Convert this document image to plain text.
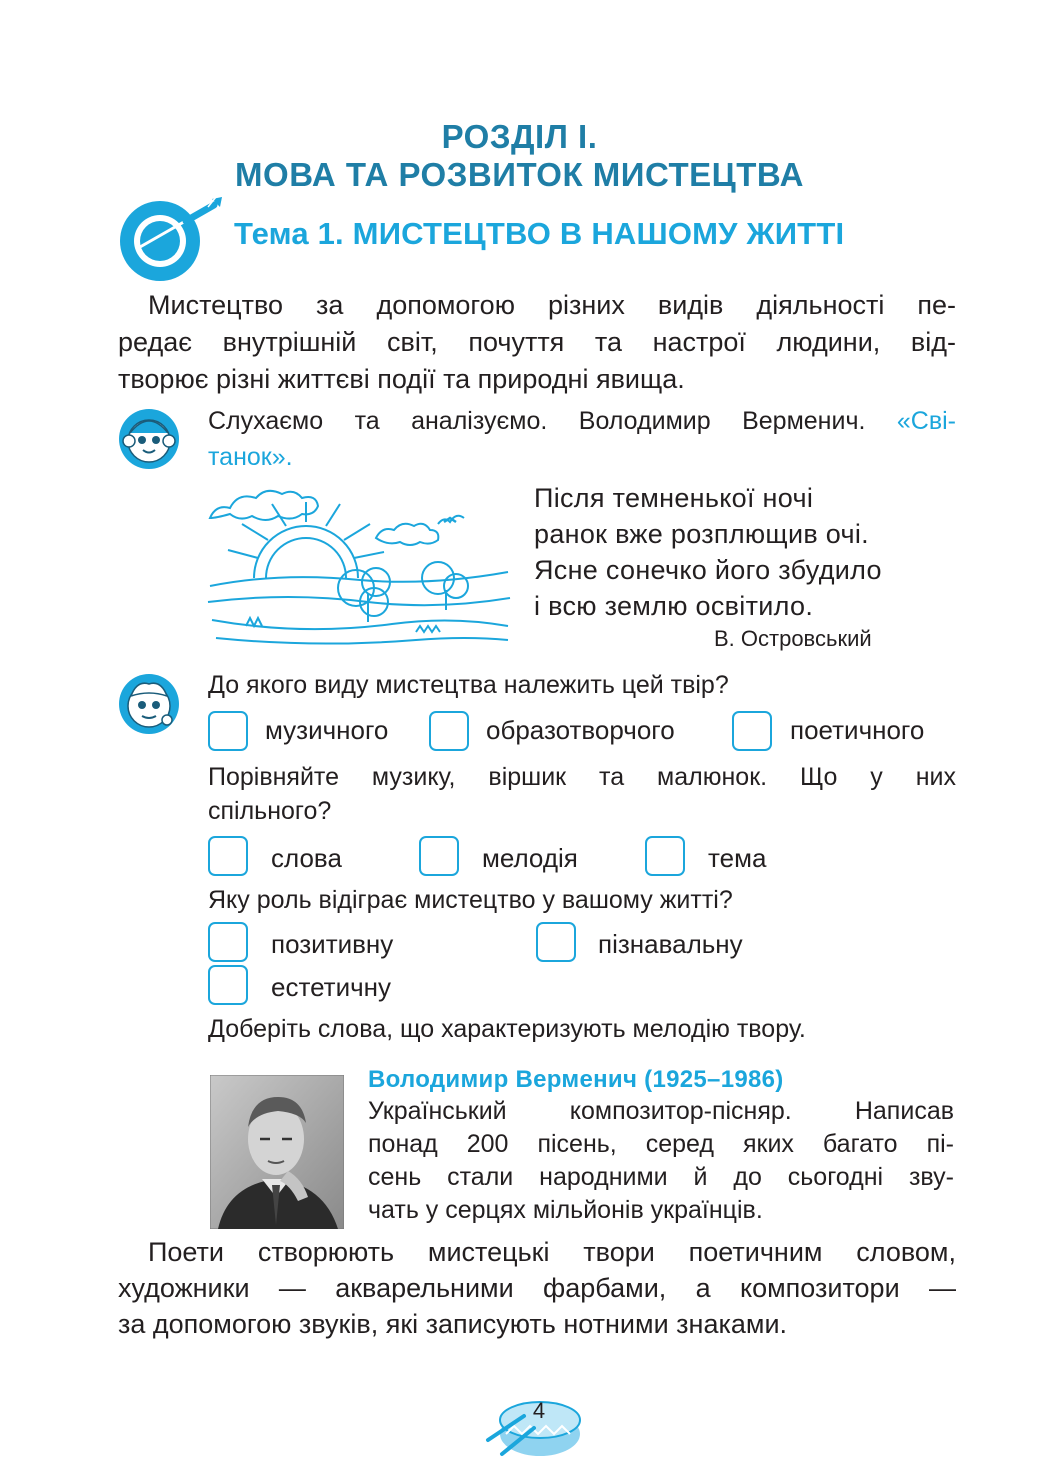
РОЗДІЛ І.
МОВА ТА РОЗВИТОК МИСТЕЦТВА
Тема 1. МИСТЕЦТВО В НАШОМУ ЖИТТІ
Мистецтво за допомогою різних видів діяльності пе-
редає внутрішній світ, почуття та настрої людини, від-
творює різні життєві події та природні явища.
Слухаємо та аналізуємо. Володимир Верменич. «Сві-
танок».
Після темненької ночі
ранок вже розплющив очі.
Ясне сонечко його збудило
і всю землю освітило.
В. Островський
До якого виду мистецтва належить цей твір?
музичного	образотворчого	поетичного
Порівняйте музику, віршик та малюнок. Що у них
спільного?
слова	мелодія	тема
Яку роль відіграє мистецтво у вашому житті?
позитивну	пізнавальну
естетичну
Доберіть слова, що характеризують мелодію твору.
Володимир Верменич (1925–1986)
Український композитор-пісняр. Написав
понад 200 пісень, серед яких багато пі-
сень стали народними й до сьогодні зву-
чать у серцях мільйонів українців.
Поети створюють мистецькі твори поетичним словом,
художники — акварельними фарбами, а композитори —
за допомогою звуків, які записують нотними знаками.
4
